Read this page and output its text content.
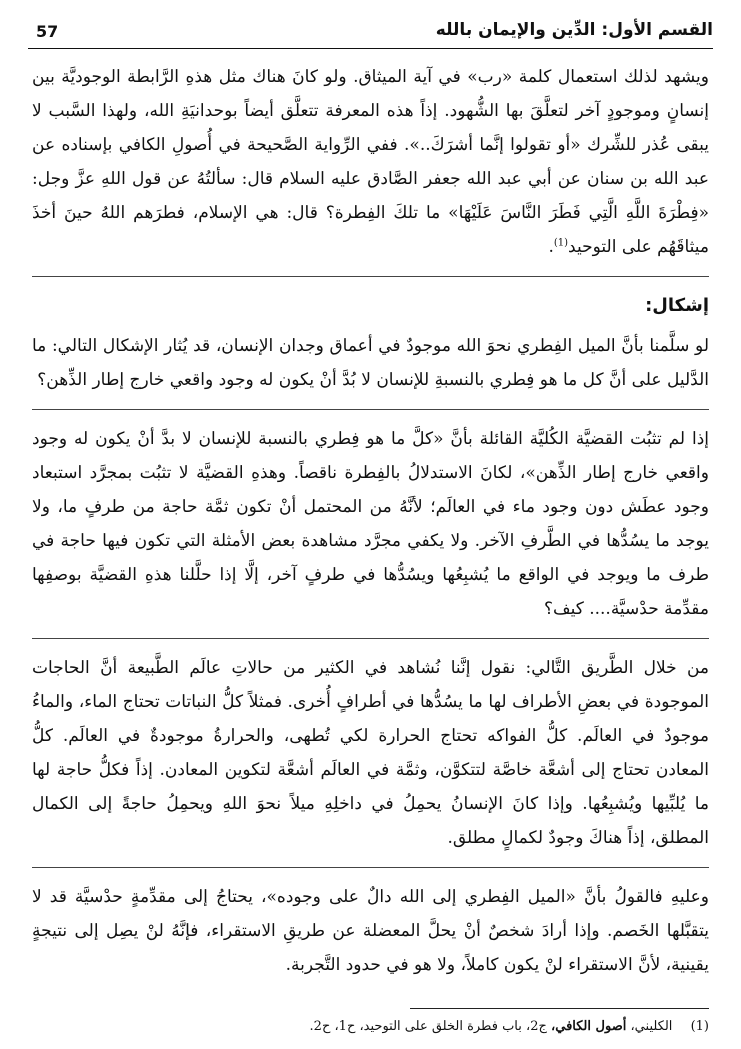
القسم الأول: الدِّين والإيمان بالله
57

ويشهد لذلك استعمال كلمة «رب» في آية الميثاق. ولو كانَ هناك مثل هذهِ الرَّابطة الوجوديَّة بين إنسانٍ وموجودٍ آخر لتعلَّقَ بها الشُّهود. إذاً هذه المعرفة تتعلَّق أيضاً بوحدانيَةِ الله، ولهذا السَّبب لا يبقى عُذر للشِّرك «أو تقولوا إنَّما أشرَكَ..». ففي الرِّواية الصَّحيحة في أُصولِ الكافي بإسناده عن عبد الله بن سنان عن أبي عبد الله جعفر الصَّادق عليه السلام قال: سألتُهُ عن قول اللهِ عزَّ وجل: «فِطْرَةَ اللَّهِ الَّتِي فَطَرَ النَّاسَ عَلَيْهَا» ما تلكَ الفِطرة؟ قال: هي الإسلام، فطرَهم اللهُ حينَ أخذَ ميثاقَهُم على التوحيد$^{(1)}$.

إشكال:

لو سلَّمنا بأنَّ الميل الفِطري نحوَ الله موجودٌ في أعماق وجدان الإنسان، قد يُثار الإشكال التالي: ما الدَّليل على أنَّ كل ما هو فِطري بالنسبةِ للإنسان لا بُدَّ أنْ يكون له وجود واقعي خارج إطار الذِّهن؟

إذا لم تثبُت القضيَّة الكُليَّة القائلة بأنَّ «كلَّ ما هو فِطري بالنسبة للإنسان لا بدَّ أنْ يكون له وجود واقعي خارج إطار الذِّهن»، لكانَ الاستدلالُ بالفِطرة ناقصاً. وهذهِ القضيَّة لا تثبُت بمجرَّد استبعاد وجود عطَش دون وجود ماء في العالَم؛ لأنَّهُ من المحتمل أنْ تكون ثمَّة حاجة من طرفٍ ما، ولا يوجد ما يسُدُّها في الطَّرفِ الآخر. ولا يكفي مجرَّد مشاهدة بعض الأمثلة التي تكون فيها حاجة في طرف ما ويوجد في الواقع ما يُشبِعُها ويسُدُّها في طرفٍ آخر، إلَّا إذا حلَّلنا هذهِ القضيَّة بوصفِها مقدِّمة حدْسيَّة.... كيف؟

من خلال الطَّريق التَّالي: نقول إنَّنا نُشاهد في الكثير من حالاتِ عالَم الطَّبيعة أنَّ الحاجات الموجودة في بعضِ الأطراف لها ما يسُدُّها في أطرافٍ أُخرى. فمثلاً كلُّ النباتات تحتاج الماء، والماءُ موجودٌ في العالَم. كلُّ الفواكه تحتاج الحرارة لكي تُطهى، والحرارةُ موجودةٌ في العالَم. كلُّ المعادن تحتاج إلى أشعَّة خاصَّة لتتكوَّن، وثمَّة في العالَم أشعَّة لتكوين المعادن. إذاً فكلُّ حاجة لها ما يُلبِّيها ويُشبِعُها. وإذا كانَ الإنسانُ يحمِلُ في داخلِهِ ميلاً نحوَ اللهِ ويحمِلُ حاجةً إلى الكمال المطلق، إذاً هناكَ وجودٌ لكمالٍ مطلق.

وعليهِ فالقولُ بأنَّ «الميل الفِطري إلى الله دالٌ على وجوده»، يحتاجُ إلى مقدِّمةٍ حدْسيَّة قد لا يتقبَّلها الخَصم. وإذا أرادَ شخصٌ أنْ يحلَّ المعضلة عن طريقِ الاستقراء، فإنَّهُ لنْ يصِل إلى نتيجةٍ يقينية، لأنَّ الاستقراء لنْ يكون كاملاً، ولا هو في حدود التَّجربة.

(1) الكليني، أصول الكافي، ج2، باب فطرة الخلق على التوحيد، ح1، ح2.
